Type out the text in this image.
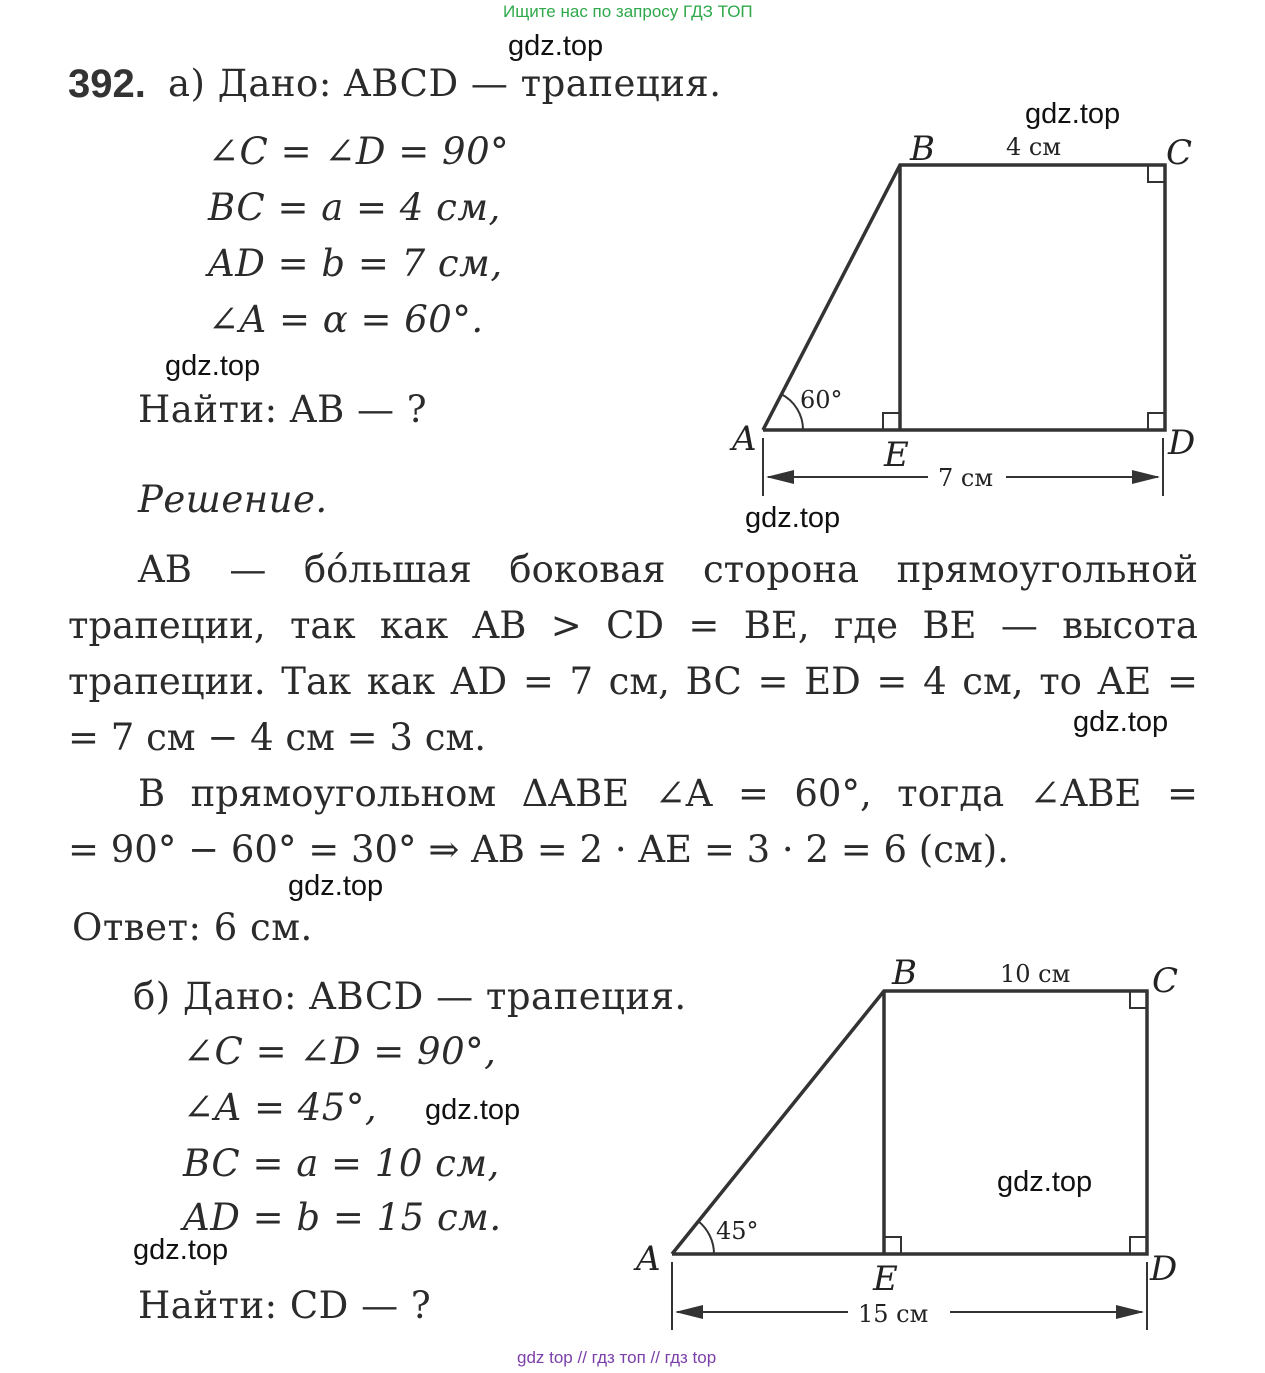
Ищите нас по запросу ГДЗ ТОП
gdz top // гдз топ // гдз top
gdz.top
gdz.top
gdz.top
gdz.top
gdz.top
gdz.top
gdz.top
gdz.top
gdz.top
392. а) Дано: ABCD — трапеция.
∠C = ∠D = 90°
BC = a = 4 см,
AD = b = 7 см,
∠A = α = 60°.
Найти: AB — ?
Решение.
AB — бóльшая боковая сторона прямоугольной
трапеции, так как AB > CD = BE, где BE — высота
трапеции. Так как AD = 7 см, BC = ED = 4 см, то AE =
= 7 см − 4 см = 3 см.
В прямоугольном ΔABE ∠A = 60°, тогда ∠ABE =
= 90° − 60° = 30° ⇒ AB = 2 · AE = 3 · 2 = 6 (см).
Ответ: 6 см.
A
B	C
D
E
4 см
7 см
60°
б) Дано: ABCD — трапеция.
∠C = ∠D = 90°,
∠A = 45°,
BC = a = 10 см,
AD = b = 15 см.
Найти: CD — ?
A
B	C
D
E
10 см
15 см
45°
